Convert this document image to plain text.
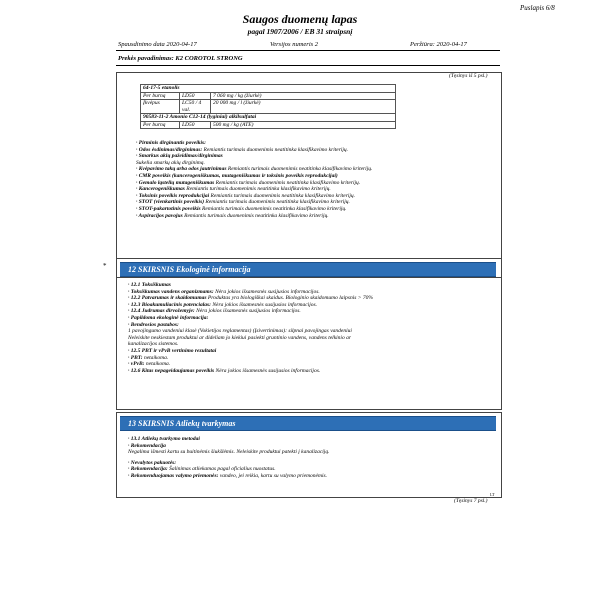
Puslapis 6/8
Saugos duomenų lapas
pagal 1907/2006 / EB 31 straipsnį
Spausdinimo data 2020-04-17	Versijos numeris 2	Peržiūra: 2020-04-17
Prekės pavadinimas: K2 COROTOL STRONG
(Tęsinys iš 5 psl.)
64-17-5 etanolis		
Per burną	LD50	7 060 mg / kg (žiurkė)
Įkvėpus	LC50 / 4 val.	20 000 mg / l (žiurkė)
90583-11-2 Amonio C12-14 (lyginiai) alkilsulfatai		
Per burną	LD50	500 mg / kg (ATE)
· Pirminis dirginantis poveikis:
· Odos ėsdinimas/dirginimas: Remiantis turimais duomenimis neatitinka klasifikavimo kriterijų.
· Smarkus akių pažeidimas/dirginimas
Sukelia smarkų akių dirginimą.
· Kvėpavimo takų arba odos jautrinimas Remiantis turimais duomenimis neatitinka klasifikavimo kriterijų.
· CMR poveikis (kancerogeniškumas, mutageniškumas ir toksinis poveikis reprodukcijai)
· Gemalo ląstelių mutageniškumas Remiantis turimais duomenimis neatitinka klasifikavimo kriterijų.
· Kancerogeniškumas Remiantis turimais duomenimis neatitinka klasifikavimo kriterijų.
· Toksinis poveikis reprodukcijai Remiantis turimais duomenimis neatitinka klasifikavimo kriterijų.
· STOT (vienkartinis poveikis) Remiantis turimais duomenimis neatitinka klasifikavimo kriterijų.
· STOT-pakartotinis poveikis Remiantis turimais duomenimis neatitinka klasifikavimo kriterijų.
· Aspiracijos pavojus Remiantis turimais duomenimis neatitinka klasifikavimo kriterijų.
*	12 SKIRSNIS Ekologinė informacija
· 12.1 Toksiškumas
· Toksiškumas vandens organizmams: Nėra jokios išsamesnės susijusios informacijos.
· 12.2 Patvarumas ir skaidomumas Produktas yra biologiškai skaidus. Biologinio skaidomumo laipsnis > 70%
· 12.3 Bioakumuliacinis potencialas: Nėra jokios išsamesnės susijusios informacijos.
· 12.4 Judrumas dirvožemyje: Nėra jokios išsamesnės susijusios informacijos.
· Papildoma ekologinė informacija:
· Bendrosios pastabos:
1 pavojingumo vandeniui klasė (Vokietijos reglamentas) (Įsivertinimas): silpnai pavojingas vandeniui
Neleiskite neskiestam produktui ar dideliam jo kiekiui pasiekti gruntinio vandens, vandens telkinio ar
kanalizacijos sistemos.
· 12.5 PBT ir vPvB vertinimo rezultatai
· PBT: netaikoma.
· vPvB: netaikoma.
· 12.6 Kitas nepageidaujamas poveikis Nėra jokios išsamesnės susijusios informacijos.
13 SKIRSNIS Atliekų tvarkymas
· 13.1 Atliekų tvarkymo metodai
· Rekomendacija
Negalima išmesti kartu su buitinėmis šiukšlėmis. Neleiskite produktui patekti į kanalizaciją.
· Nevalytos pakuotės:
· Rekomendacija: Šalinimas atliekamas pagal oficialius nuostatus.
· Rekomenduojamas valymo priemonės: vandeo, jei reikia, kartu su valymo priemonėmis.
LT
(Tęsinys 7 psl.)
